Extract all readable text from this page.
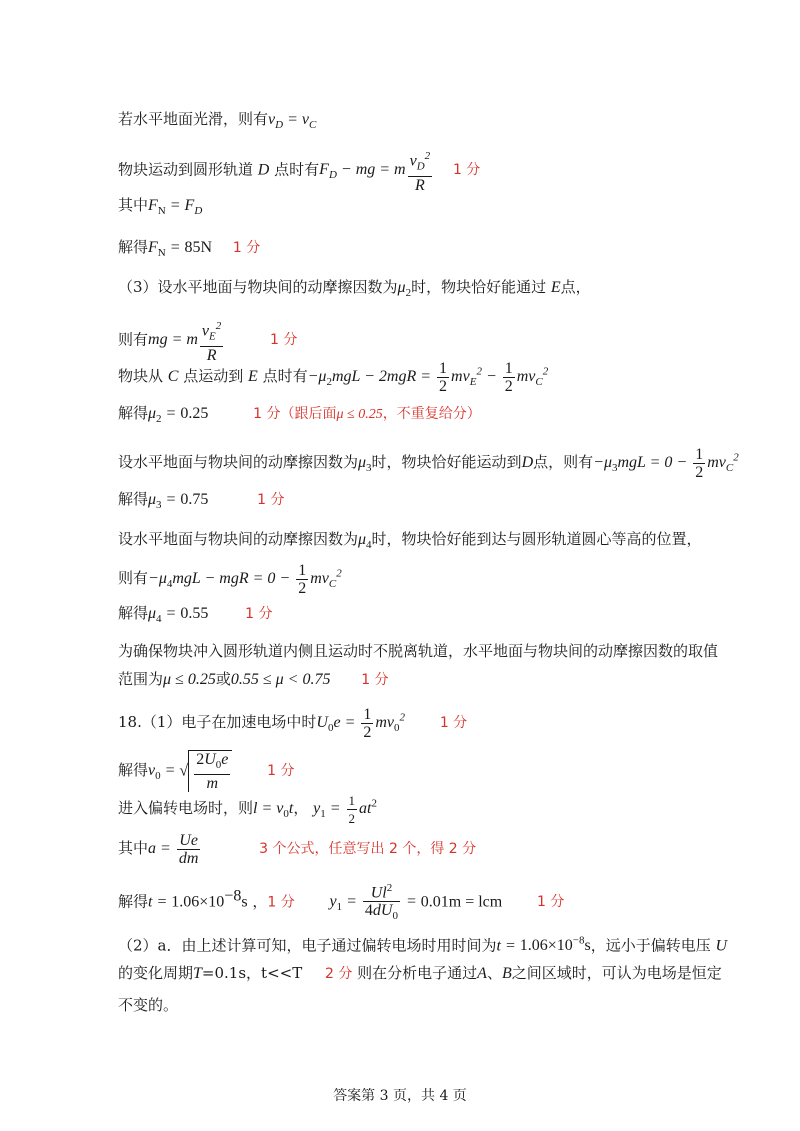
若水平地面光滑，则有$v_D = v_C$
物块运动到圆形轨道 D 点时有$F_D$ − mg = m $\frac{v_D^2}{R} 1$ 分
其中$F_N = F_D$
解得$F_N = 85N$ 1 分
（3）设水平地面与物块间的动摩擦因数为$\mu_2$时，物块恰好能通过 E点，
则有mg = m $\frac{v_E^2}{R}$	1 分
物块从 C 点运动到 E 点时有$-\mu_2mgL - 2mgR = \frac{1}{2} mv_E^2 - \frac{1}{2} mv_C^2$
解得$\mu_2 = 0.25$	1 分（跟后面μ ≤ 0.25，不重复给分）
设水平地面与物块间的动摩擦因数为$\mu_3$时，物块恰好能运动到D点，则有$-\mu_3mgL = 0 - \frac{1}{2} mv_C^2$
解得$\mu_3 = 0.75$	1 分
设水平地面与物块间的动摩擦因数为$\mu_4$时，物块恰好能到达与圆形轨道圆心等高的位置，
则有$-\mu_4mgL$ − mgR = $0 - \frac{1}{2} mv_C^2$
解得$\mu_4 = 0.55$	1 分
为确保物块冲入圆形轨道内侧且运动时不脱离轨道，水平地面与物块间的动摩擦因数的取值
范围为μ ≤ 0.25或0.55 ≤ μ < 0.75 1 分
18.（1）电子在加速电场中时$U_0e = \frac{1}{2} mv_0^2$ 1 分
解得$v_0$ = √ $\frac{2U_0e}{m}$	1 分
进入偏转电场时，则$l = v_0t$， $y_1 = \frac{1}{2} at^2$
其中$a = \frac{Ue}{dm}$	3 个公式，任意写出 2 个，得 2 分
解得$t = 1.06\times 10^{-8}s$ ，1 分 $y_1 = \frac{Ul^2}{4dU_0} = 0.01m$ = lcm 1 分
（2）a．由上述计算可知，电子通过偏转电场时用时间为$t = 1.06\times 10^{-8}s$，远小于偏转电压 U
的变化周期T=0.1s，t<<T 2 分 则在分析电子通过A、B之间区域时，可认为电场是恒定
不变的。
答案第 3 页，共 4 页
